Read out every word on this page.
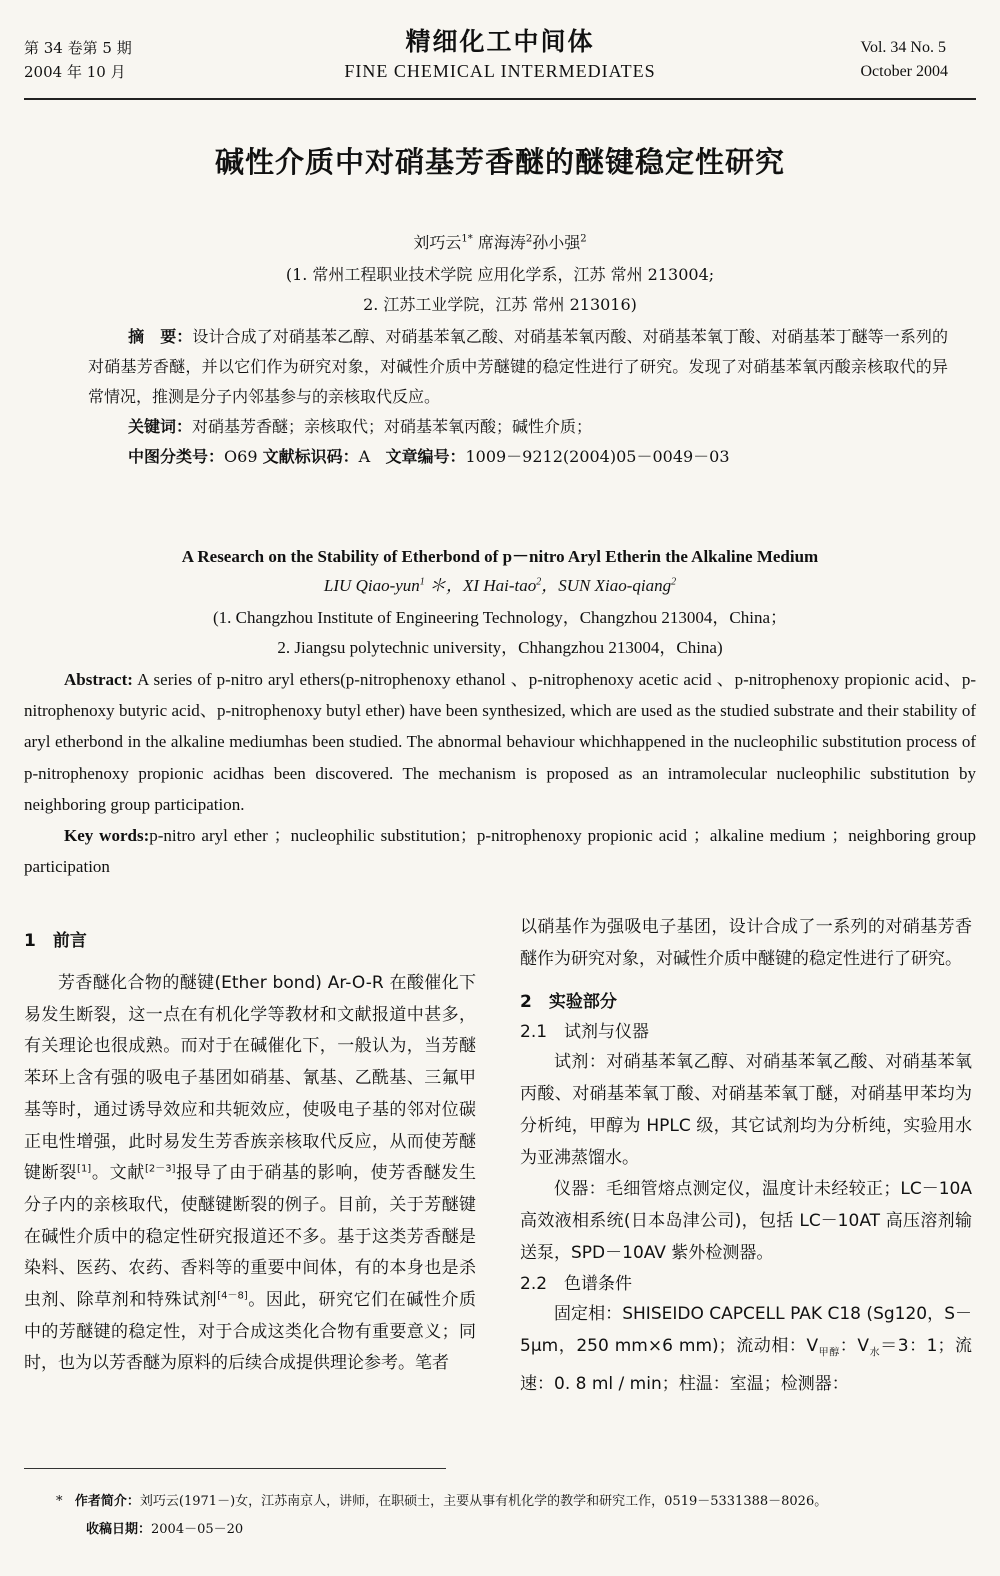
第 34 卷第 5 期
2004 年 10 月
精细化工中间体
FINE CHEMICAL INTERMEDIATES
Vol. 34 No. 5
October 2004
碱性介质中对硝基芳香醚的醚键稳定性研究
刘巧云$^{1*}$ 席海涛$^2$孙小强$^2$
(1. 常州工程职业技术学院 应用化学系，江苏 常州 213004;
2. 江苏工业学院，江苏 常州 213016)
摘　要：设计合成了对硝基苯乙醇、对硝基苯氧乙酸、对硝基苯氧丙酸、对硝基苯氧丁酸、对硝基苯丁醚等一系列的对硝基芳香醚，并以它们作为研究对象，对碱性介质中芳醚键的稳定性进行了研究。发现了对硝基苯氧丙酸亲核取代的异常情况，推测是分子内邻基参与的亲核取代反应。
关键词：对硝基芳香醚；亲核取代；对硝基苯氧丙酸；碱性介质；
中图分类号：O69 文献标识码：A 文章编号：1009－9212(2004)05－0049－03
A Research on the Stability of Etherbond of p－nitro Aryl Etherin the Alkaline Medium
LIU Qiao-yun$^1$ ＊，XI Hai-tao$^2$，SUN Xiao-qiang$^2$
(1. Changzhou Institute of Engineering Technology，Changzhou 213004，China；
2. Jiangsu polytechnic university，Chhangzhou 213004，China)
Abstract: A series of p-nitro aryl ethers(p-nitrophenoxy ethanol 、p-nitrophenoxy acetic acid 、p-nitrophenoxy propionic acid、p-nitrophenoxy butyric acid、p-nitrophenoxy butyl ether) have been synthesized, which are used as the studied substrate and their stability of aryl etherbond in the alkaline mediumhas been studied. The abnormal behaviour whichhappened in the nucleophilic substitution process of p-nitrophenoxy propionic acidhas been discovered. The mechanism is proposed as an intramolecular nucleophilic substitution by neighboring group participation.
Key words:p-nitro aryl ether ；nucleophilic substitution；p-nitrophenoxy propionic acid ；alkaline medium ；neighboring group participation
1　前言

芳香醚化合物的醚键(Ether bond) Ar-O-R 在酸催化下易发生断裂，这一点在有机化学等教材和文献报道中甚多，有关理论也很成熟。而对于在碱催化下，一般认为，当芳醚苯环上含有强的吸电子基团如硝基、氰基、乙酰基、三氟甲基等时，通过诱导效应和共轭效应，使吸电子基的邻对位碳正电性增强，此时易发生芳香族亲核取代反应，从而使芳醚键断裂[1]。文献[2－3]报导了由于硝基的影响，使芳香醚发生分子内的亲核取代，使醚键断裂的例子。目前，关于芳醚键在碱性介质中的稳定性研究报道还不多。基于这类芳香醚是染料、医药、农药、香料等的重要中间体，有的本身也是杀虫剂、除草剂和特殊试剂[4－8]。因此，研究它们在碱性介质中的芳醚键的稳定性，对于合成这类化合物有重要意义；同时，也为以芳香醚为原料的后续合成提供理论参考。笔者

以硝基作为强吸电子基团，设计合成了一系列的对硝基芳香醚作为研究对象，对碱性介质中醚键的稳定性进行了研究。

2　实验部分
2.1　试剂与仪器

试剂：对硝基苯氧乙醇、对硝基苯氧乙酸、对硝基苯氧丙酸、对硝基苯氧丁酸、对硝基苯氧丁醚，对硝基甲苯均为分析纯，甲醇为 HPLC 级，其它试剂均为分析纯，实验用水为亚沸蒸馏水。

仪器：毛细管熔点测定仪，温度计未经较正；LC－10A 高效液相系统(日本岛津公司)，包括 LC－10AT 高压溶剂输送泵，SPD－10AV 紫外检测器。

2.2　色谱条件

固定相：SHISEIDO CAPCELL PAK C18 (Sg120，S－5μm，250 mm×6 mm)；流动相：$V_{甲醇}$：$V_水=3$：1；流速：0. 8 ml / min；柱温：室温；检测器：

* 作者简介：刘巧云(1971－)女，江苏南京人，讲师，在职硕士，主要从事有机化学的教学和研究工作，0519－5331388－8026。
收稿日期：2004－05－20
